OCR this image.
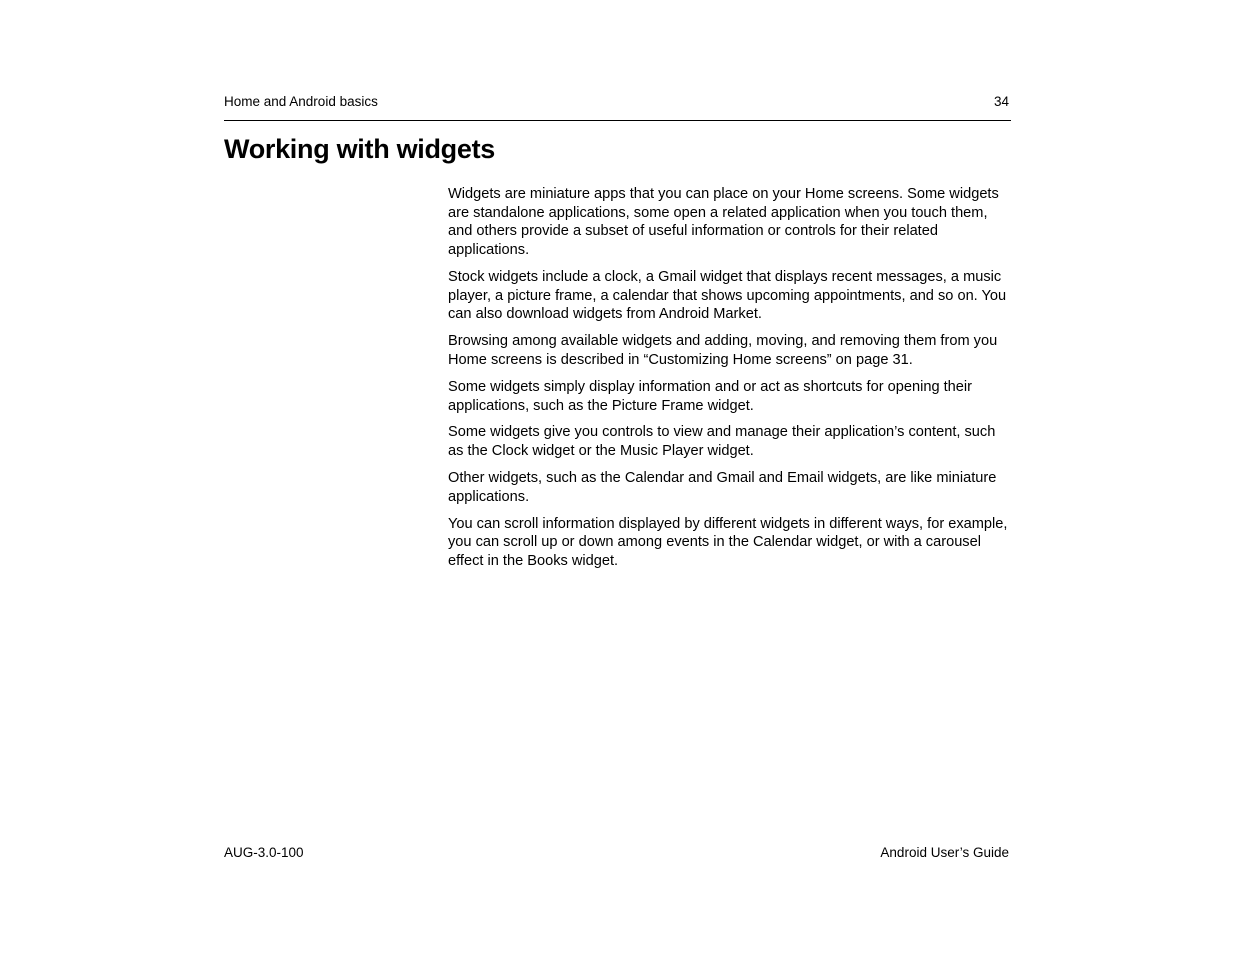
Home and Android basics	34
Working with widgets

Widgets are miniature apps that you can place on your Home screens. Some widgets are standalone applications, some open a related application when you touch them, and others provide a subset of useful information or controls for their related applications.

Stock widgets include a clock, a Gmail widget that displays recent messages, a music player, a picture frame, a calendar that shows upcoming appointments, and so on. You can also download widgets from Android Market.

Browsing among available widgets and adding, moving, and removing them from you Home screens is described in “Customizing Home screens” on page 31.

Some widgets simply display information and or act as shortcuts for opening their applications, such as the Picture Frame widget.

Some widgets give you controls to view and manage their application’s content, such as the Clock widget or the Music Player widget.

Other widgets, such as the Calendar and Gmail and Email widgets, are like miniature applications.

You can scroll information displayed by different widgets in different ways, for example, you can scroll up or down among events in the Calendar widget, or with a carousel effect in the Books widget.

AUG-3.0-100	Android User’s Guide
